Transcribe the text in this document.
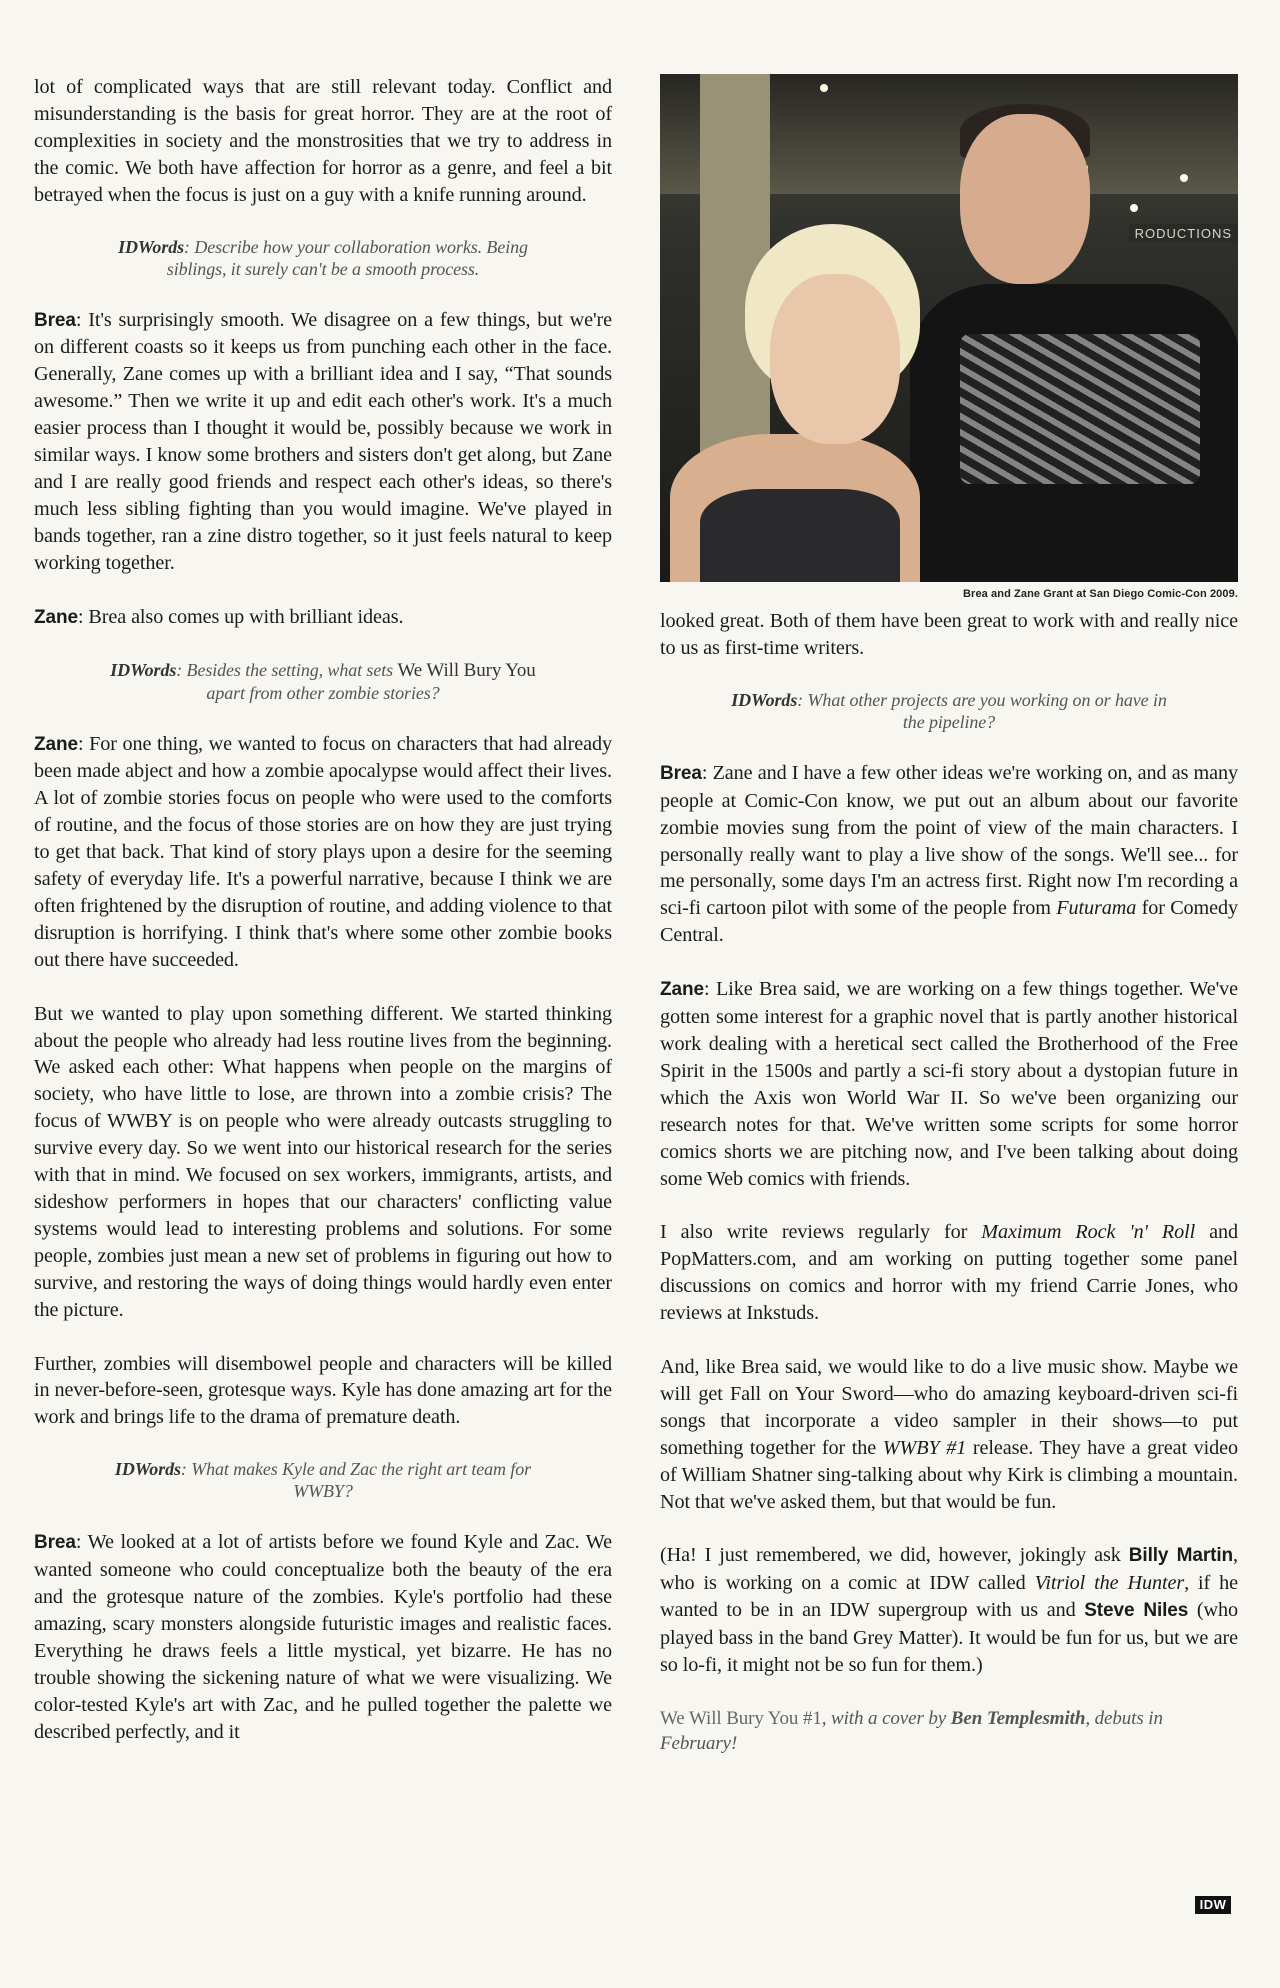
lot of complicated ways that are still relevant today. Conflict and misunderstanding is the basis for great horror. They are at the root of complexities in society and the monstrosities that we try to address in the comic. We both have affection for horror as a genre, and feel a bit betrayed when the focus is just on a guy with a knife running around.

IDWords: Describe how your collaboration works. Being siblings, it surely can't be a smooth process.

Brea: It's surprisingly smooth. We disagree on a few things, but we're on different coasts so it keeps us from punching each other in the face. Generally, Zane comes up with a brilliant idea and I say, “That sounds awesome.” Then we write it up and edit each other's work. It's a much easier process than I thought it would be, possibly because we work in similar ways. I know some brothers and sisters don't get along, but Zane and I are really good friends and respect each other's ideas, so there's much less sibling fighting than you would imagine. We've played in bands together, ran a zine distro together, so it just feels natural to keep working together.

Zane: Brea also comes up with brilliant ideas.

IDWords: Besides the setting, what sets We Will Bury You apart from other zombie stories?

Zane: For one thing, we wanted to focus on characters that had already been made abject and how a zombie apocalypse would affect their lives. A lot of zombie stories focus on people who were used to the comforts of routine, and the focus of those stories are on how they are just trying to get that back. That kind of story plays upon a desire for the seeming safety of everyday life. It's a powerful narrative, because I think we are often frightened by the disruption of routine, and adding violence to that disruption is horrifying. I think that's where some other zombie books out there have succeeded.

But we wanted to play upon something different. We started thinking about the people who already had less routine lives from the beginning. We asked each other: What happens when people on the margins of society, who have little to lose, are thrown into a zombie crisis? The focus of WWBY is on people who were already outcasts struggling to survive every day. So we went into our historical research for the series with that in mind. We focused on sex workers, immigrants, artists, and sideshow performers in hopes that our characters' conflicting value systems would lead to interesting problems and solutions. For some people, zombies just mean a new set of problems in figuring out how to survive, and restoring the ways of doing things would hardly even enter the picture.

Further, zombies will disembowel people and characters will be killed in never-before-seen, grotesque ways. Kyle has done amazing art for the work and brings life to the drama of premature death.

IDWords: What makes Kyle and Zac the right art team for WWBY?

Brea: We looked at a lot of artists before we found Kyle and Zac. We wanted someone who could conceptualize both the beauty of the era and the grotesque nature of the zombies. Kyle's portfolio had these amazing, scary monsters alongside futuristic images and realistic faces. Everything he draws feels a little mystical, yet bizarre. He has no trouble showing the sickening nature of what we were visualizing. We color-tested Kyle's art with Zac, and he pulled together the palette we described perfectly, and it

RODUCTIONS
Brea and Zane Grant at San Diego Comic-Con 2009.

looked great. Both of them have been great to work with and really nice to us as first-time writers.

IDWords: What other projects are you working on or have in the pipeline?

Brea: Zane and I have a few other ideas we're working on, and as many people at Comic-Con know, we put out an album about our favorite zombie movies sung from the point of view of the main characters. I personally really want to play a live show of the songs. We'll see... for me personally, some days I'm an actress first. Right now I'm recording a sci-fi cartoon pilot with some of the people from Futurama for Comedy Central.

Zane: Like Brea said, we are working on a few things together. We've gotten some interest for a graphic novel that is partly another historical work dealing with a heretical sect called the Brotherhood of the Free Spirit in the 1500s and partly a sci-fi story about a dystopian future in which the Axis won World War II. So we've been organizing our research notes for that. We've written some scripts for some horror comics shorts we are pitching now, and I've been talking about doing some Web comics with friends.

I also write reviews regularly for Maximum Rock 'n' Roll and PopMatters.com, and am working on putting together some panel discussions on comics and horror with my friend Carrie Jones, who reviews at Inkstuds.

And, like Brea said, we would like to do a live music show. Maybe we will get Fall on Your Sword—who do amazing keyboard-driven sci-fi songs that incorporate a video sampler in their shows—to put something together for the WWBY #1 release. They have a great video of William Shatner sing-talking about why Kirk is climbing a mountain. Not that we've asked them, but that would be fun.

(Ha! I just remembered, we did, however, jokingly ask Billy Martin, who is working on a comic at IDW called Vitriol the Hunter, if he wanted to be in an IDW supergroup with us and Steve Niles (who played bass in the band Grey Matter). It would be fun for us, but we are so lo-fi, it might not be so fun for them.)

We Will Bury You #1, with a cover by Ben Templesmith, debuts in February!

IDW
